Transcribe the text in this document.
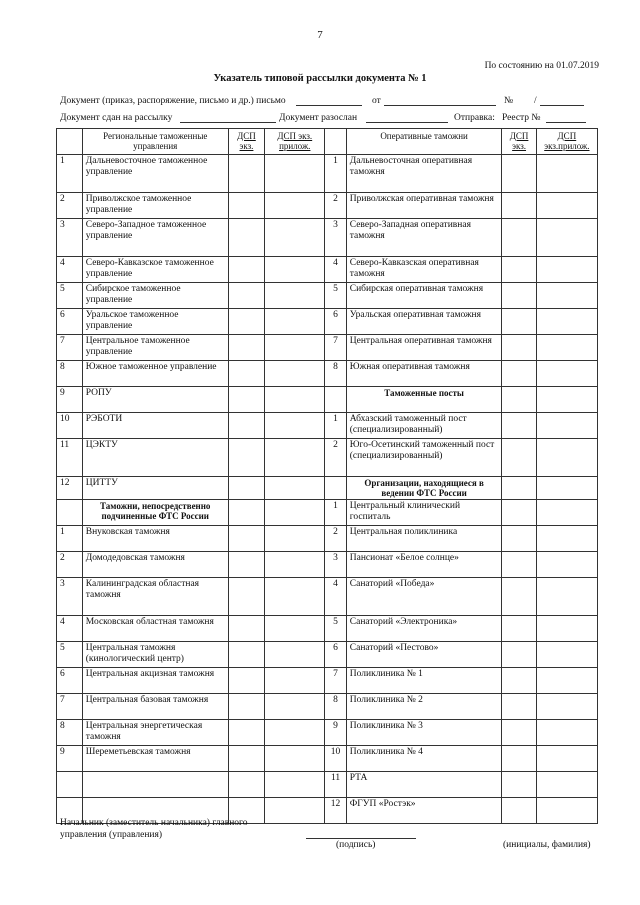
7
По состоянию на 01.07.2019
Указатель типовой рассылки документа № 1
Документ (приказ, распоряжение, письмо и др.) письмо	от	№ /
Документ сдан на рассылку	Документ разослан	Отправка: Реестр №
	Региональные таможенные управления	ДСП экз.	ДСП экз. прилож.		Оперативные таможни	ДСП экз.	ДСП экз.прилож.
1	Дальневосточное таможенное управление			1	Дальневосточная оперативная таможня		
2	Приволжское таможенное управление			2	Приволжская оперативная таможня		
3	Северо-Западное таможенное управление			3	Северо-Западная оперативная таможня		
4	Северо-Кавказское таможенное управление			4	Северо-Кавказская оперативная таможня		
5	Сибирское таможенное управление			5	Сибирская оперативная таможня		
6	Уральское таможенное управление			6	Уральская оперативная таможня		
7	Центральное таможенное управление			7	Центральная оперативная таможня		
8	Южное таможенное управление			8	Южная оперативная таможня		
9	РОПУ				Таможенные посты		
10	РЭБОТИ			1	Абхазский таможенный пост (специализированный)		
11	ЦЭКТУ			2	Юго-Осетинский таможенный пост (специализированный)		
12	ЦИТТУ				Организации, находящиеся в ведении ФТС России		
	Таможни, непосредственно подчиненные ФТС России			1	Центральный клинический госпиталь		
1	Внуковская таможня			2	Центральная поликлиника		
2	Домодедовская таможня			3	Пансионат «Белое солнце»		
3	Калининградская областная таможня			4	Санаторий «Победа»		
4	Московская областная таможня			5	Санаторий «Электроника»		
5	Центральная таможня (кинологический центр)			6	Санаторий «Пестово»		
6	Центральная акцизная таможня			7	Поликлиника № 1		
7	Центральная базовая таможня			8	Поликлиника № 2		
8	Центральная энергетическая таможня			9	Поликлиника № 3		
9	Шереметьевская таможня			10	Поликлиника № 4		
				11	РТА		
				12	ФГУП «Ростэк»		
Начальник (заместитель начальника) главного управления (управления)
(подпись)	(инициалы, фамилия)
